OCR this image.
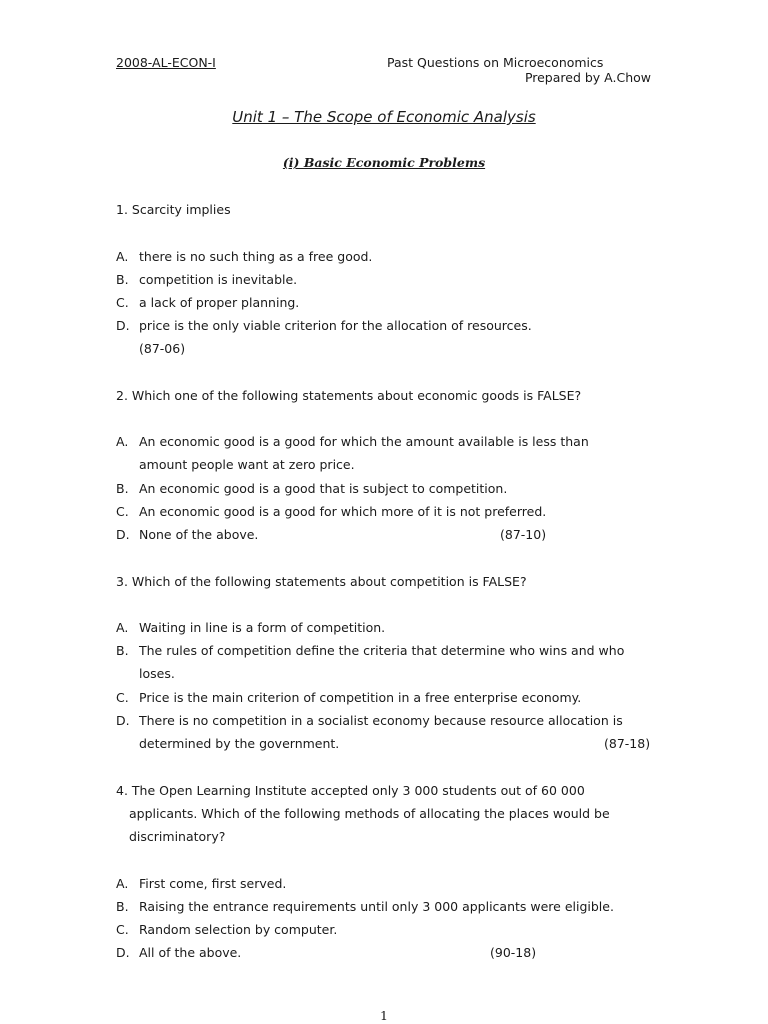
2008-AL-ECON-I	Past Questions on Microeconomics
Prepared by A.Chow
Unit 1 – The Scope of Economic Analysis
(i) Basic Economic Problems
1. Scarcity implies
A. there is no such thing as a free good.
B. competition is inevitable.
C. a lack of proper planning.
D. price is the only viable criterion for the allocation of resources.
(87-06)
2. Which one of the following statements about economic goods is FALSE?
A. An economic good is a good for which the amount available is less than
amount people want at zero price.
B. An economic good is a good that is subject to competition.
C. An economic good is a good for which more of it is not preferred.
D. None of the above.	(87-10)
3. Which of the following statements about competition is FALSE?
A. Waiting in line is a form of competition.
B. The rules of competition define the criteria that determine who wins and who
loses.
C. Price is the main criterion of competition in a free enterprise economy.
D. There is no competition in a socialist economy because resource allocation is
determined by the government.	(87-18)
4. The Open Learning Institute accepted only 3 000 students out of 60 000
applicants. Which of the following methods of allocating the places would be
discriminatory?
A. First come, first served.
B. Raising the entrance requirements until only 3 000 applicants were eligible.
C. Random selection by computer.
D. All of the above.	(90-18)
1
